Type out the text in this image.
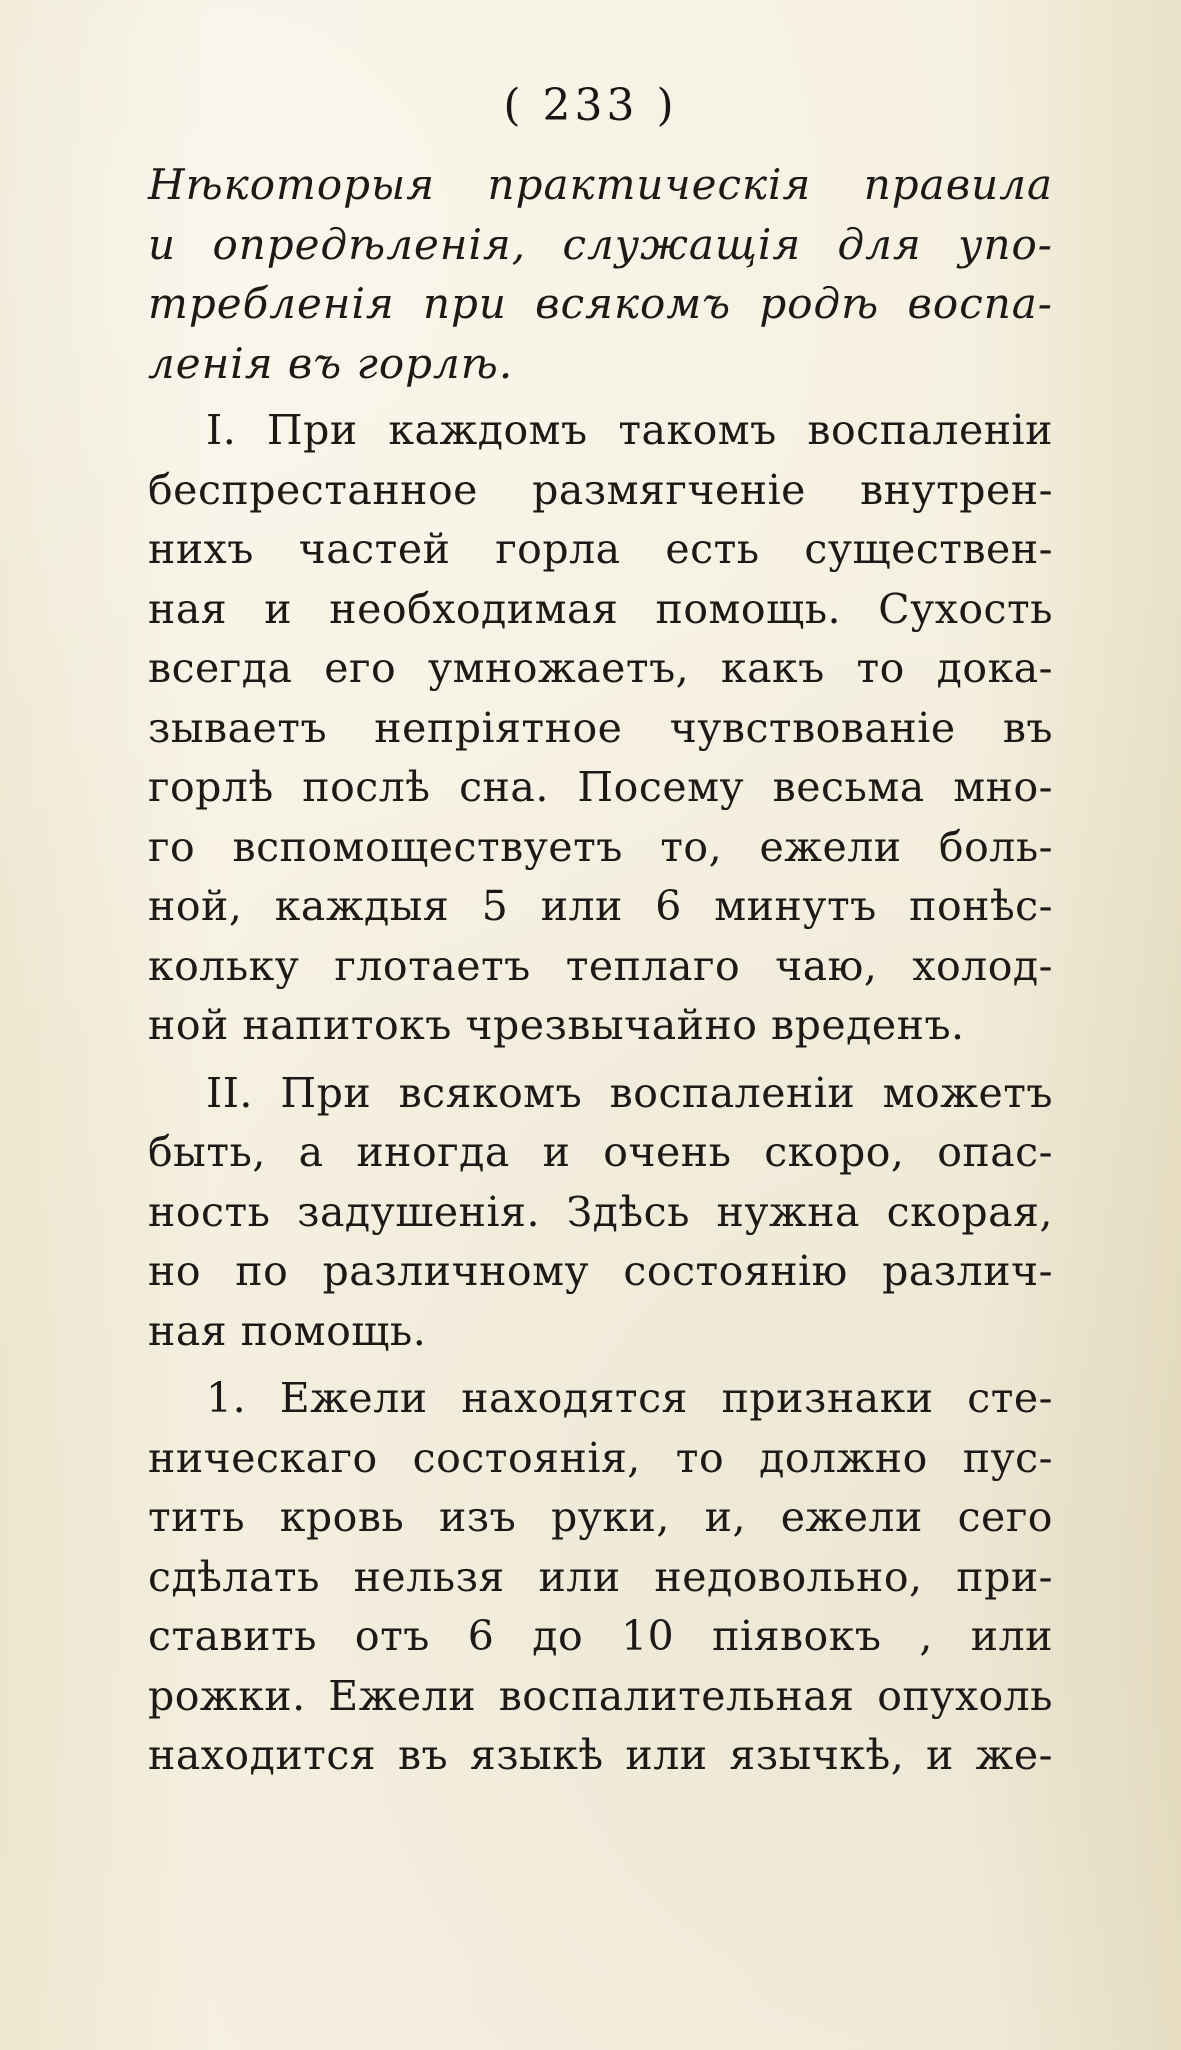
( 233 )
Нѣкоторыя практическія правила
и опредѣленія, служащія для упо-
требленія при всякомъ родѣ воспа-
ленія въ горлѣ.
I. При каждомъ такомъ воспаленіи
беспрестанное размягченіе внутрен-
нихъ частей горла есть существен-
ная и необходимая помощь. Сухость
всегда его умножаетъ, какъ то дока-
зываетъ непріятное чувствованіе въ
горлѣ послѣ сна. Посему весьма мно-
го вспомоществуетъ то, ежели боль-
ной, каждыя 5 или 6 минутъ понѣс-
кольку глотаетъ теплаго чаю, холод-
ной напитокъ чрезвычайно вреденъ.
II. При всякомъ воспаленіи можетъ
быть, а иногда и очень скоро, опас-
ность задушенія. Здѣсь нужна скорая,
но по различному состоянію различ-
ная помощь.
1. Ежели находятся признаки сте-
ническаго состоянія, то должно пус-
тить кровь изъ руки, и, ежели сего
сдѣлать нельзя или недовольно, при-
ставить отъ 6 до 10 піявокъ , или
рожки. Ежели воспалительная опухоль
находится въ языкѣ или язычкѣ, и же-
